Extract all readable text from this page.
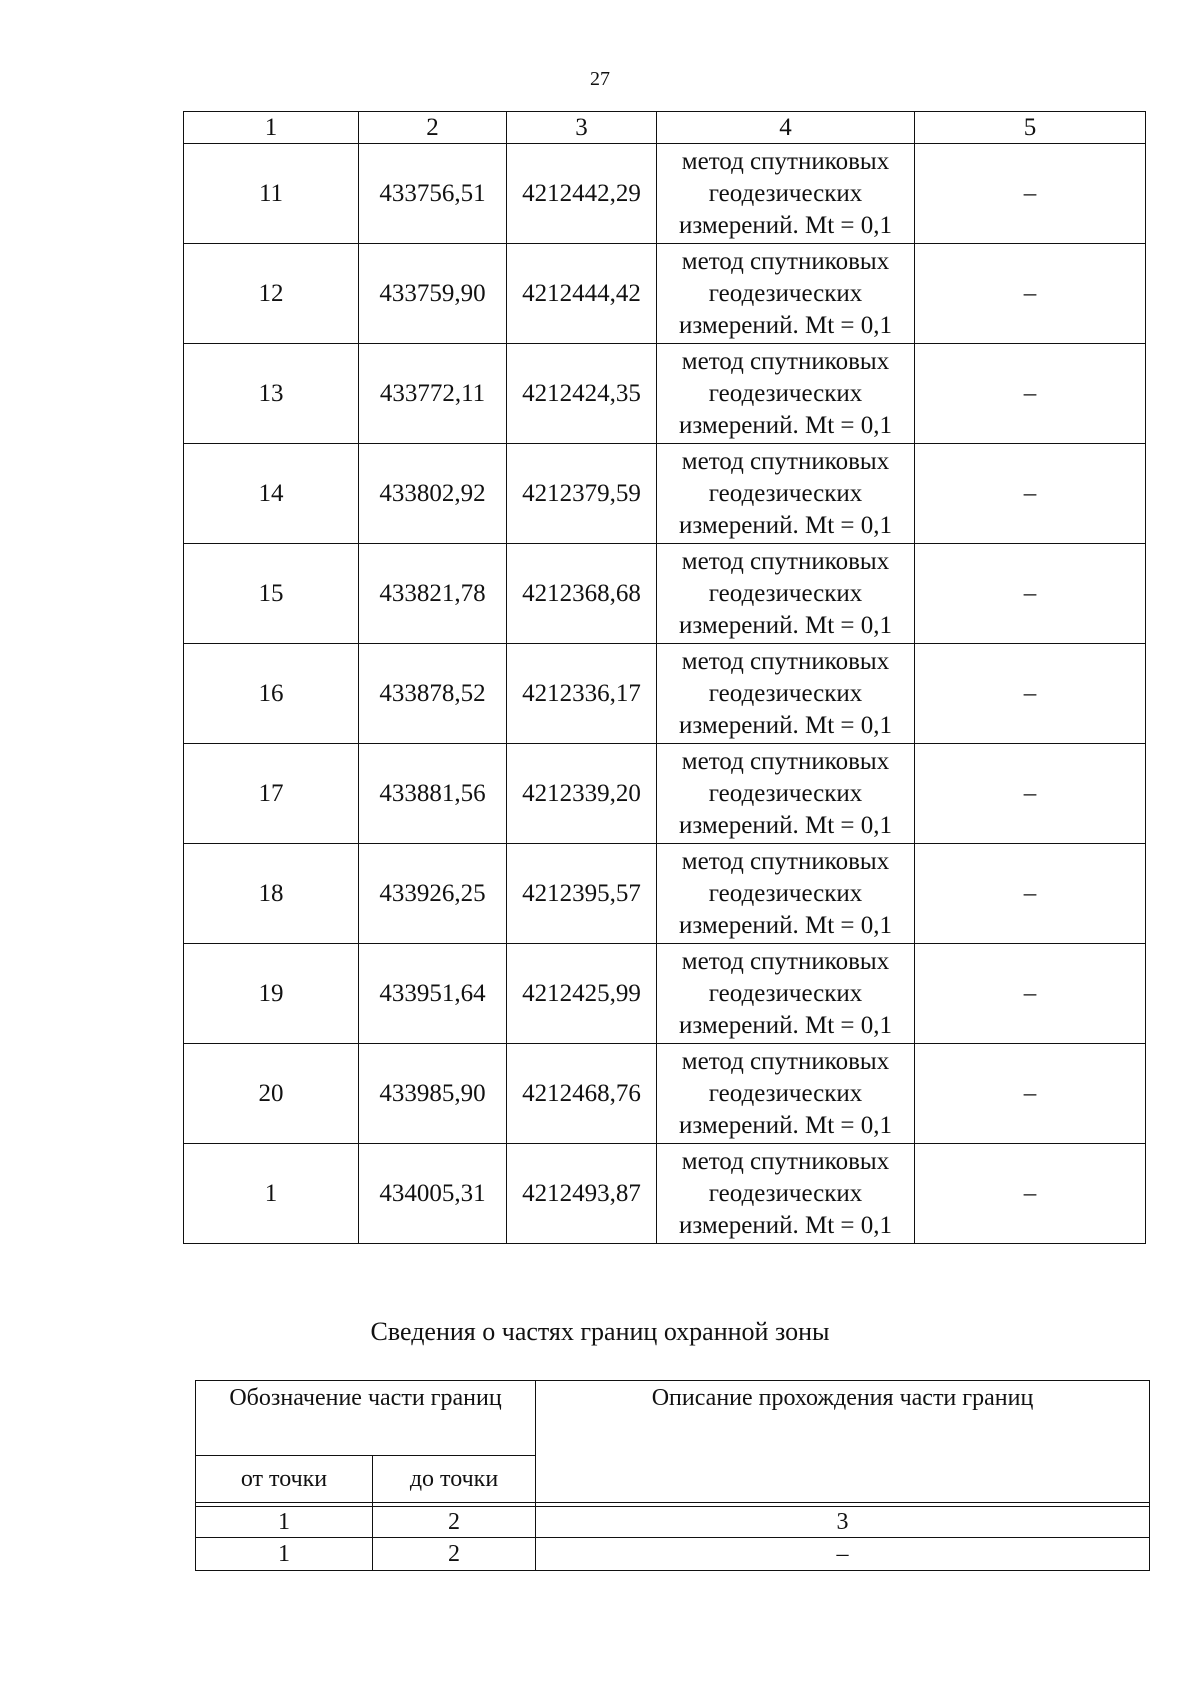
27
1	2	3	4	5
11	433756,51	4212442,29	метод спутниковых
геодезических
измерений. Mt = 0,1	–
12	433759,90	4212444,42	метод спутниковых
геодезических
измерений. Mt = 0,1	–
13	433772,11	4212424,35	метод спутниковых
геодезических
измерений. Mt = 0,1	–
14	433802,92	4212379,59	метод спутниковых
геодезических
измерений. Mt = 0,1	–
15	433821,78	4212368,68	метод спутниковых
геодезических
измерений. Mt = 0,1	–
16	433878,52	4212336,17	метод спутниковых
геодезических
измерений. Mt = 0,1	–
17	433881,56	4212339,20	метод спутниковых
геодезических
измерений. Mt = 0,1	–
18	433926,25	4212395,57	метод спутниковых
геодезических
измерений. Mt = 0,1	–
19	433951,64	4212425,99	метод спутниковых
геодезических
измерений. Mt = 0,1	–
20	433985,90	4212468,76	метод спутниковых
геодезических
измерений. Mt = 0,1	–
1	434005,31	4212493,87	метод спутниковых
геодезических
измерений. Mt = 0,1	–
Сведения о частях границ охранной зоны
Обозначение части границ		Описание прохождения части границ
от точки	до точки	

1	2	3
1	2	–
